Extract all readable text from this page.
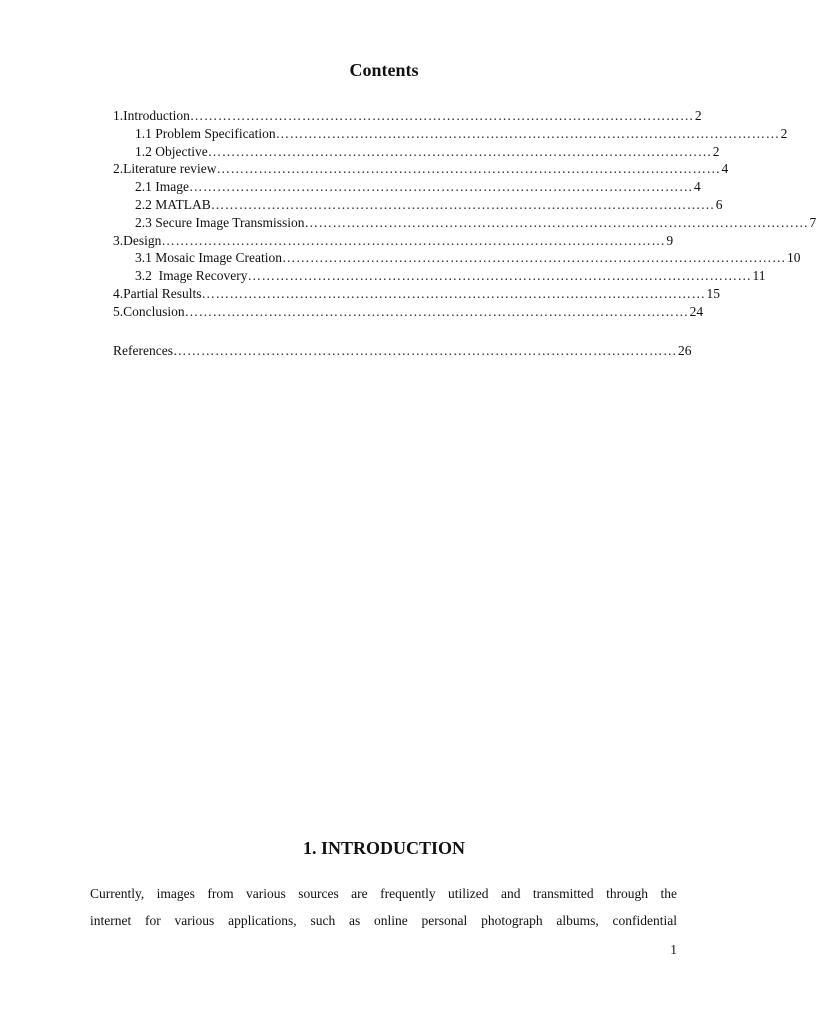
Contents
1. Introduction ……………………………………………………………………………………………… 2
1.1 Problem Specification ……………………………………………………………………………………………… 2
1.2 Objective ……………………………………………………………………………………………… 2
2. Literature review ……………………………………………………………………………………………… 4
2.1 Image ……………………………………………………………………………………………… 4
2.2 MATLAB ……………………………………………………………………………………………… 6
2.3 Secure Image Transmission ……………………………………………………………………………………………… 7
3. Design ……………………………………………………………………………………………… 9
3.1 Mosaic Image Creation ……………………………………………………………………………………………… 10
3.2  Image Recovery ……………………………………………………………………………………………… 11
4. Partial Results ……………………………………………………………………………………………… 15
5. Conclusion ……………………………………………………………………………………………… 24
References ……………………………………………………………………………………………… 26
1. INTRODUCTION
Currently, images from various sources are frequently utilized and transmitted through the
internet for various applications, such as online personal photograph albums, confidential
1
